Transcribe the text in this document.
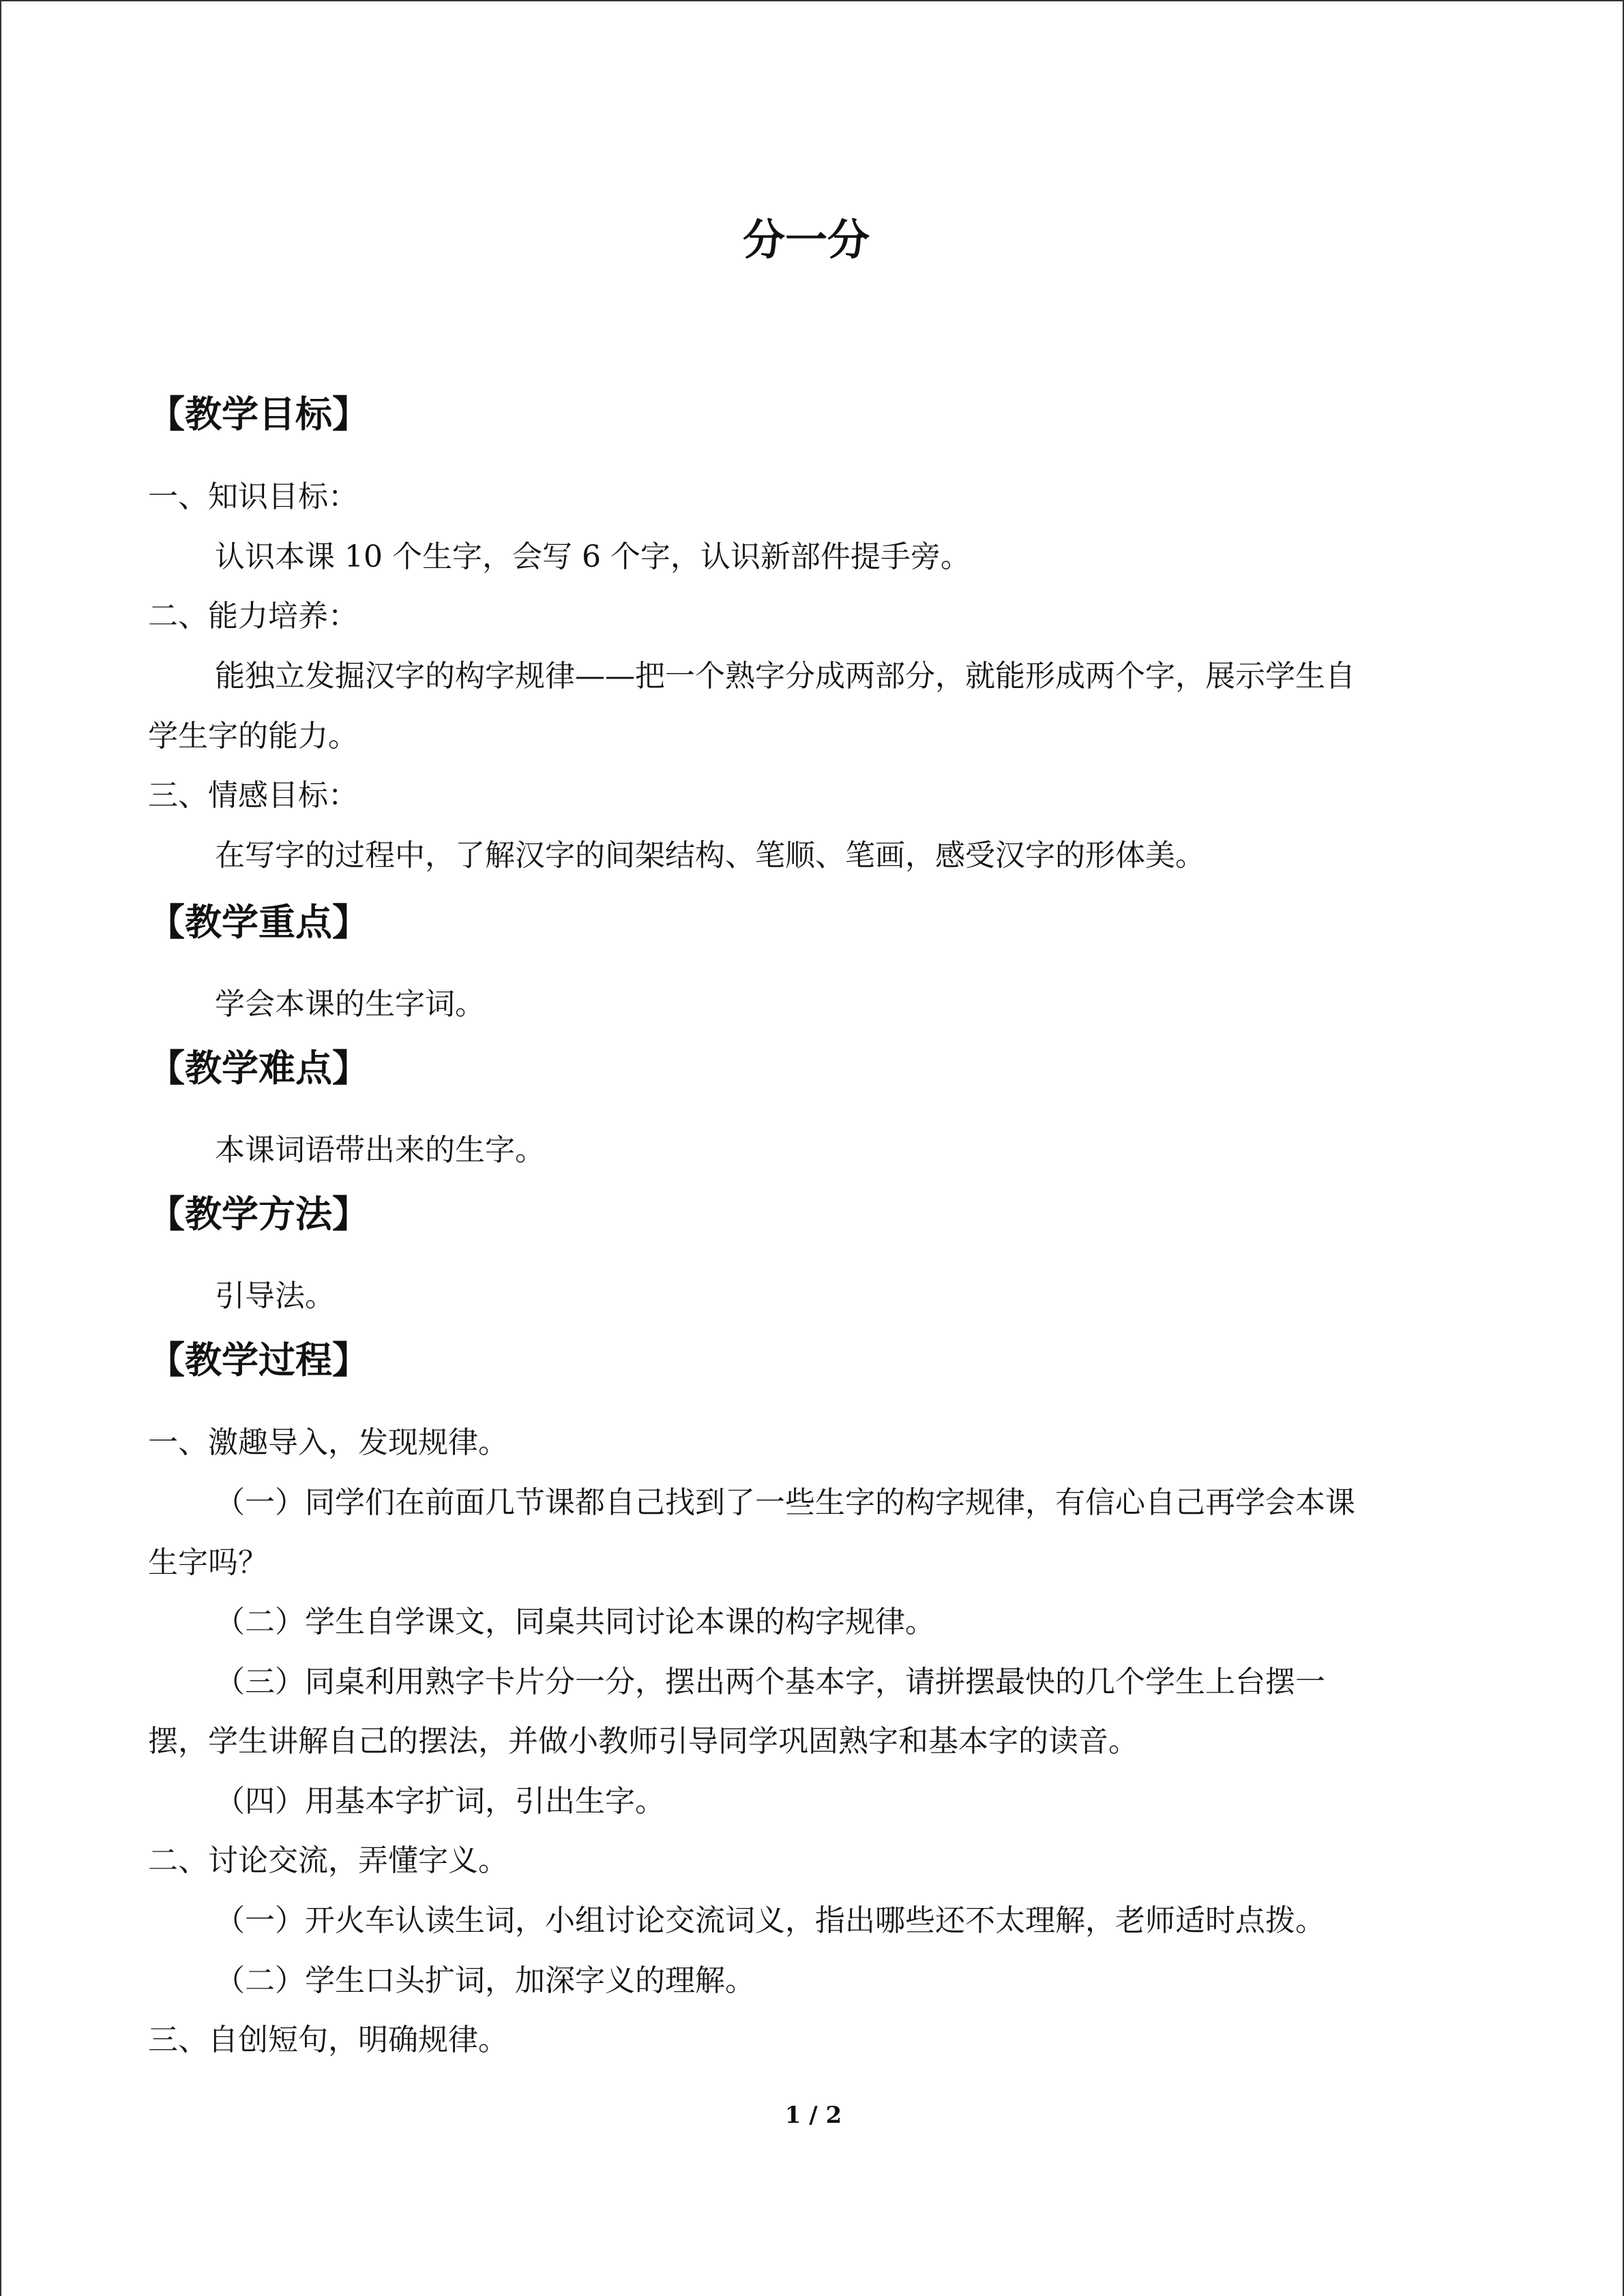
分一分
【教学目标】
一、知识目标：
认识本课 10 个生字，会写 6 个字，认识新部件提手旁。
二、能力培养：
能独立发掘汉字的构字规律——把一个熟字分成两部分，就能形成两个字，展示学生自
学生字的能力。
三、情感目标：
在写字的过程中，了解汉字的间架结构、笔顺、笔画，感受汉字的形体美。
【教学重点】
学会本课的生字词。
【教学难点】
本课词语带出来的生字。
【教学方法】
引导法。
【教学过程】
一、激趣导入，发现规律。
（一）同学们在前面几节课都自己找到了一些生字的构字规律，有信心自己再学会本课
生字吗？
（二）学生自学课文，同桌共同讨论本课的构字规律。
（三）同桌利用熟字卡片分一分，摆出两个基本字，请拼摆最快的几个学生上台摆一
摆，学生讲解自己的摆法，并做小教师引导同学巩固熟字和基本字的读音。
（四）用基本字扩词，引出生字。
二、讨论交流，弄懂字义。
（一）开火车认读生词，小组讨论交流词义，指出哪些还不太理解，老师适时点拨。
（二）学生口头扩词，加深字义的理解。
三、自创短句，明确规律。
1 / 2
